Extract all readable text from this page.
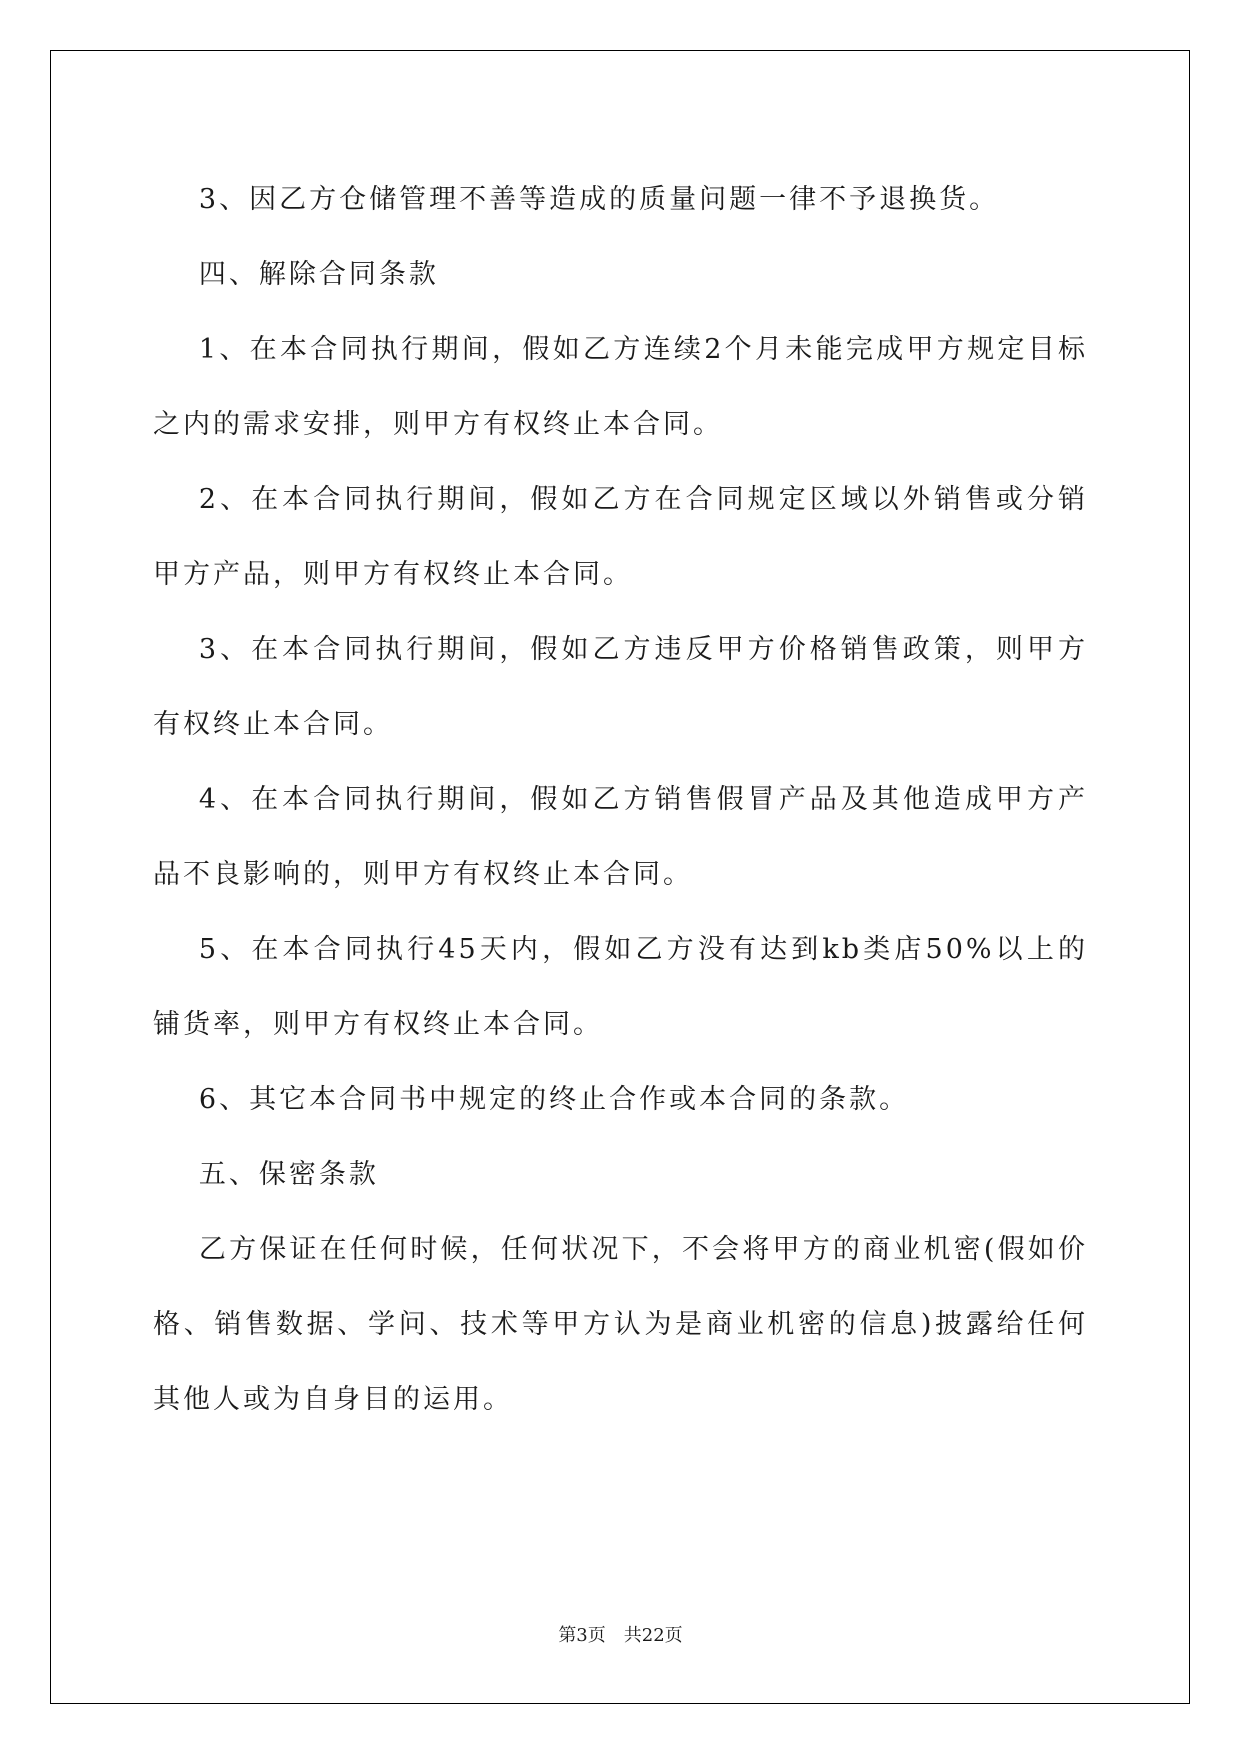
3、因乙方仓储管理不善等造成的质量问题一律不予退换货。

四、解除合同条款

1、在本合同执行期间，假如乙方连续2个月未能完成甲方规定目标之内的需求安排，则甲方有权终止本合同。

2、在本合同执行期间，假如乙方在合同规定区域以外销售或分销甲方产品，则甲方有权终止本合同。

3、在本合同执行期间，假如乙方违反甲方价格销售政策，则甲方有权终止本合同。

4、在本合同执行期间，假如乙方销售假冒产品及其他造成甲方产品不良影响的，则甲方有权终止本合同。

5、在本合同执行45天内，假如乙方没有达到kb类店50%以上的铺货率，则甲方有权终止本合同。

6、其它本合同书中规定的终止合作或本合同的条款。

五、保密条款

乙方保证在任何时候，任何状况下，不会将甲方的商业机密(假如价格、销售数据、学问、技术等甲方认为是商业机密的信息)披露给任何其他人或为自身目的运用。

第3页 共22页
